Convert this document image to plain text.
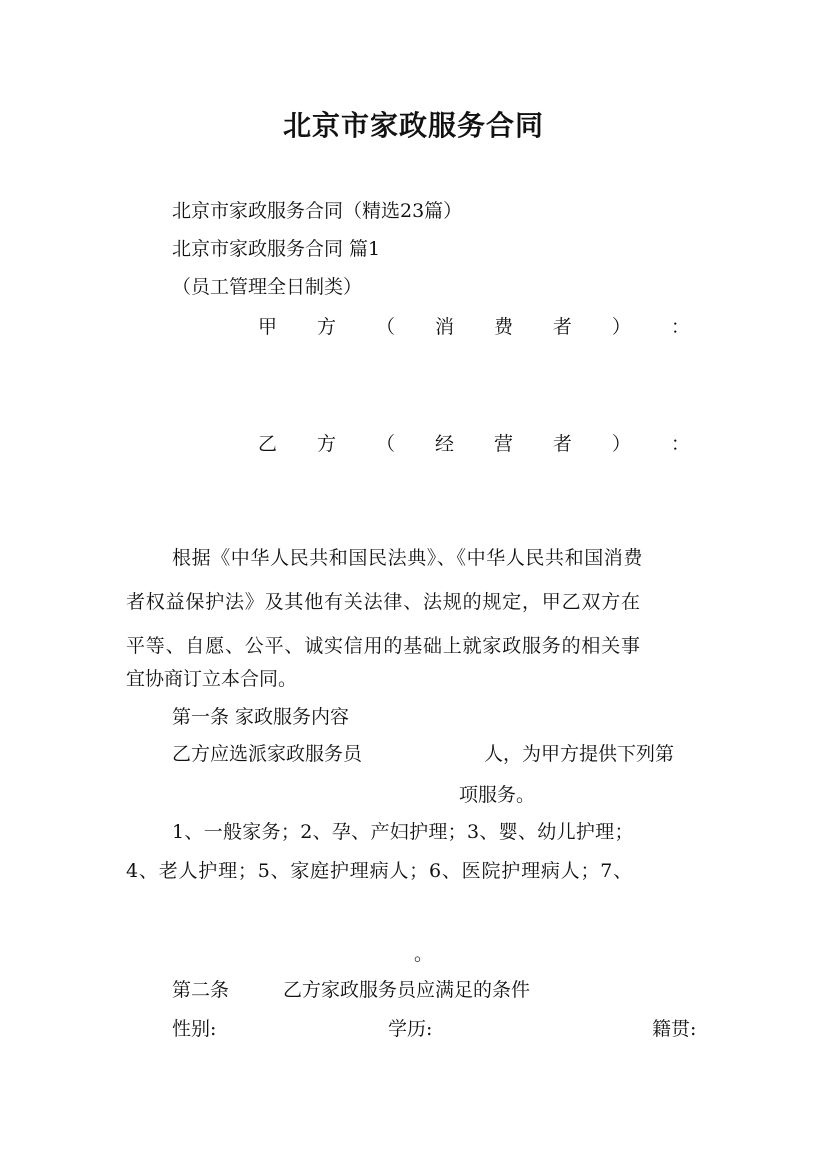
北京市家政服务合同

北京市家政服务合同（精选23篇）

北京市家政服务合同 篇1

（员工管理全日制类）

甲 方 （ 消 费 者 ） ：
乙 方 （ 经 营 者 ） ：

根据《中华人民共和国民法典》、《中华人民共和国消费

者权益保护法》及其他有关法律、法规的规定，甲乙双方在

平等、自愿、公平、诚实信用的基础上就家政服务的相关事

宜协商订立本合同。

第一条 家政服务内容

乙方应选派家政服务员	人，为甲方提供下列第

项服务。

1、一般家务；2、孕、产妇护理；3、婴、幼儿护理；

4、老人护理；5、家庭护理病人；6、医院护理病人；7、

。

第二条	乙方家政服务员应满足的条件

性别:	学历:	籍贯:
